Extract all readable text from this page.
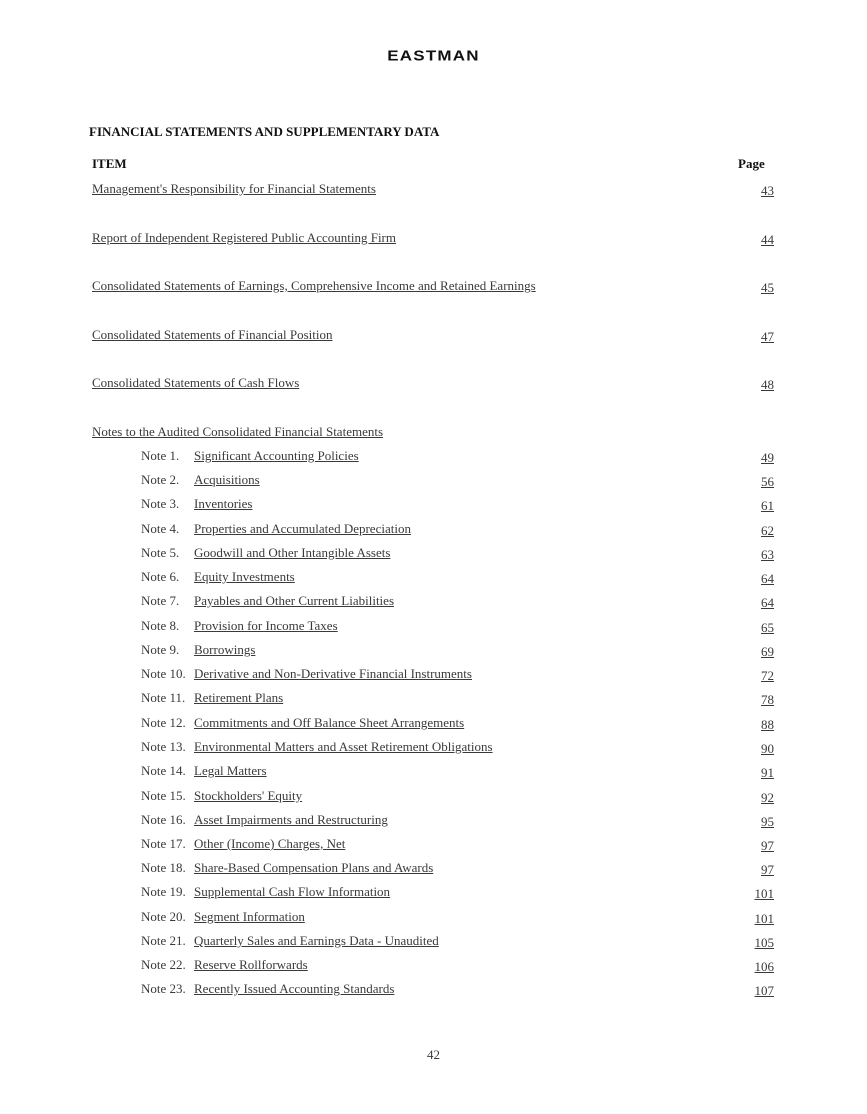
EASTMAN
FINANCIAL STATEMENTS AND SUPPLEMENTARY DATA
ITEM	Page
Management's Responsibility for Financial Statements	43
Report of Independent Registered Public Accounting Firm	44
Consolidated Statements of Earnings, Comprehensive Income and Retained Earnings	45
Consolidated Statements of Financial Position	47
Consolidated Statements of Cash Flows	48
Notes to the Audited Consolidated Financial Statements
Note 1. Significant Accounting Policies	49
Note 2. Acquisitions	56
Note 3. Inventories	61
Note 4. Properties and Accumulated Depreciation	62
Note 5. Goodwill and Other Intangible Assets	63
Note 6. Equity Investments	64
Note 7. Payables and Other Current Liabilities	64
Note 8. Provision for Income Taxes	65
Note 9. Borrowings	69
Note 10. Derivative and Non-Derivative Financial Instruments	72
Note 11. Retirement Plans	78
Note 12. Commitments and Off Balance Sheet Arrangements	88
Note 13. Environmental Matters and Asset Retirement Obligations	90
Note 14. Legal Matters	91
Note 15. Stockholders' Equity	92
Note 16. Asset Impairments and Restructuring	95
Note 17. Other (Income) Charges, Net	97
Note 18. Share-Based Compensation Plans and Awards	97
Note 19. Supplemental Cash Flow Information	101
Note 20. Segment Information	101
Note 21. Quarterly Sales and Earnings Data - Unaudited	105
Note 22. Reserve Rollforwards	106
Note 23. Recently Issued Accounting Standards	107
42
